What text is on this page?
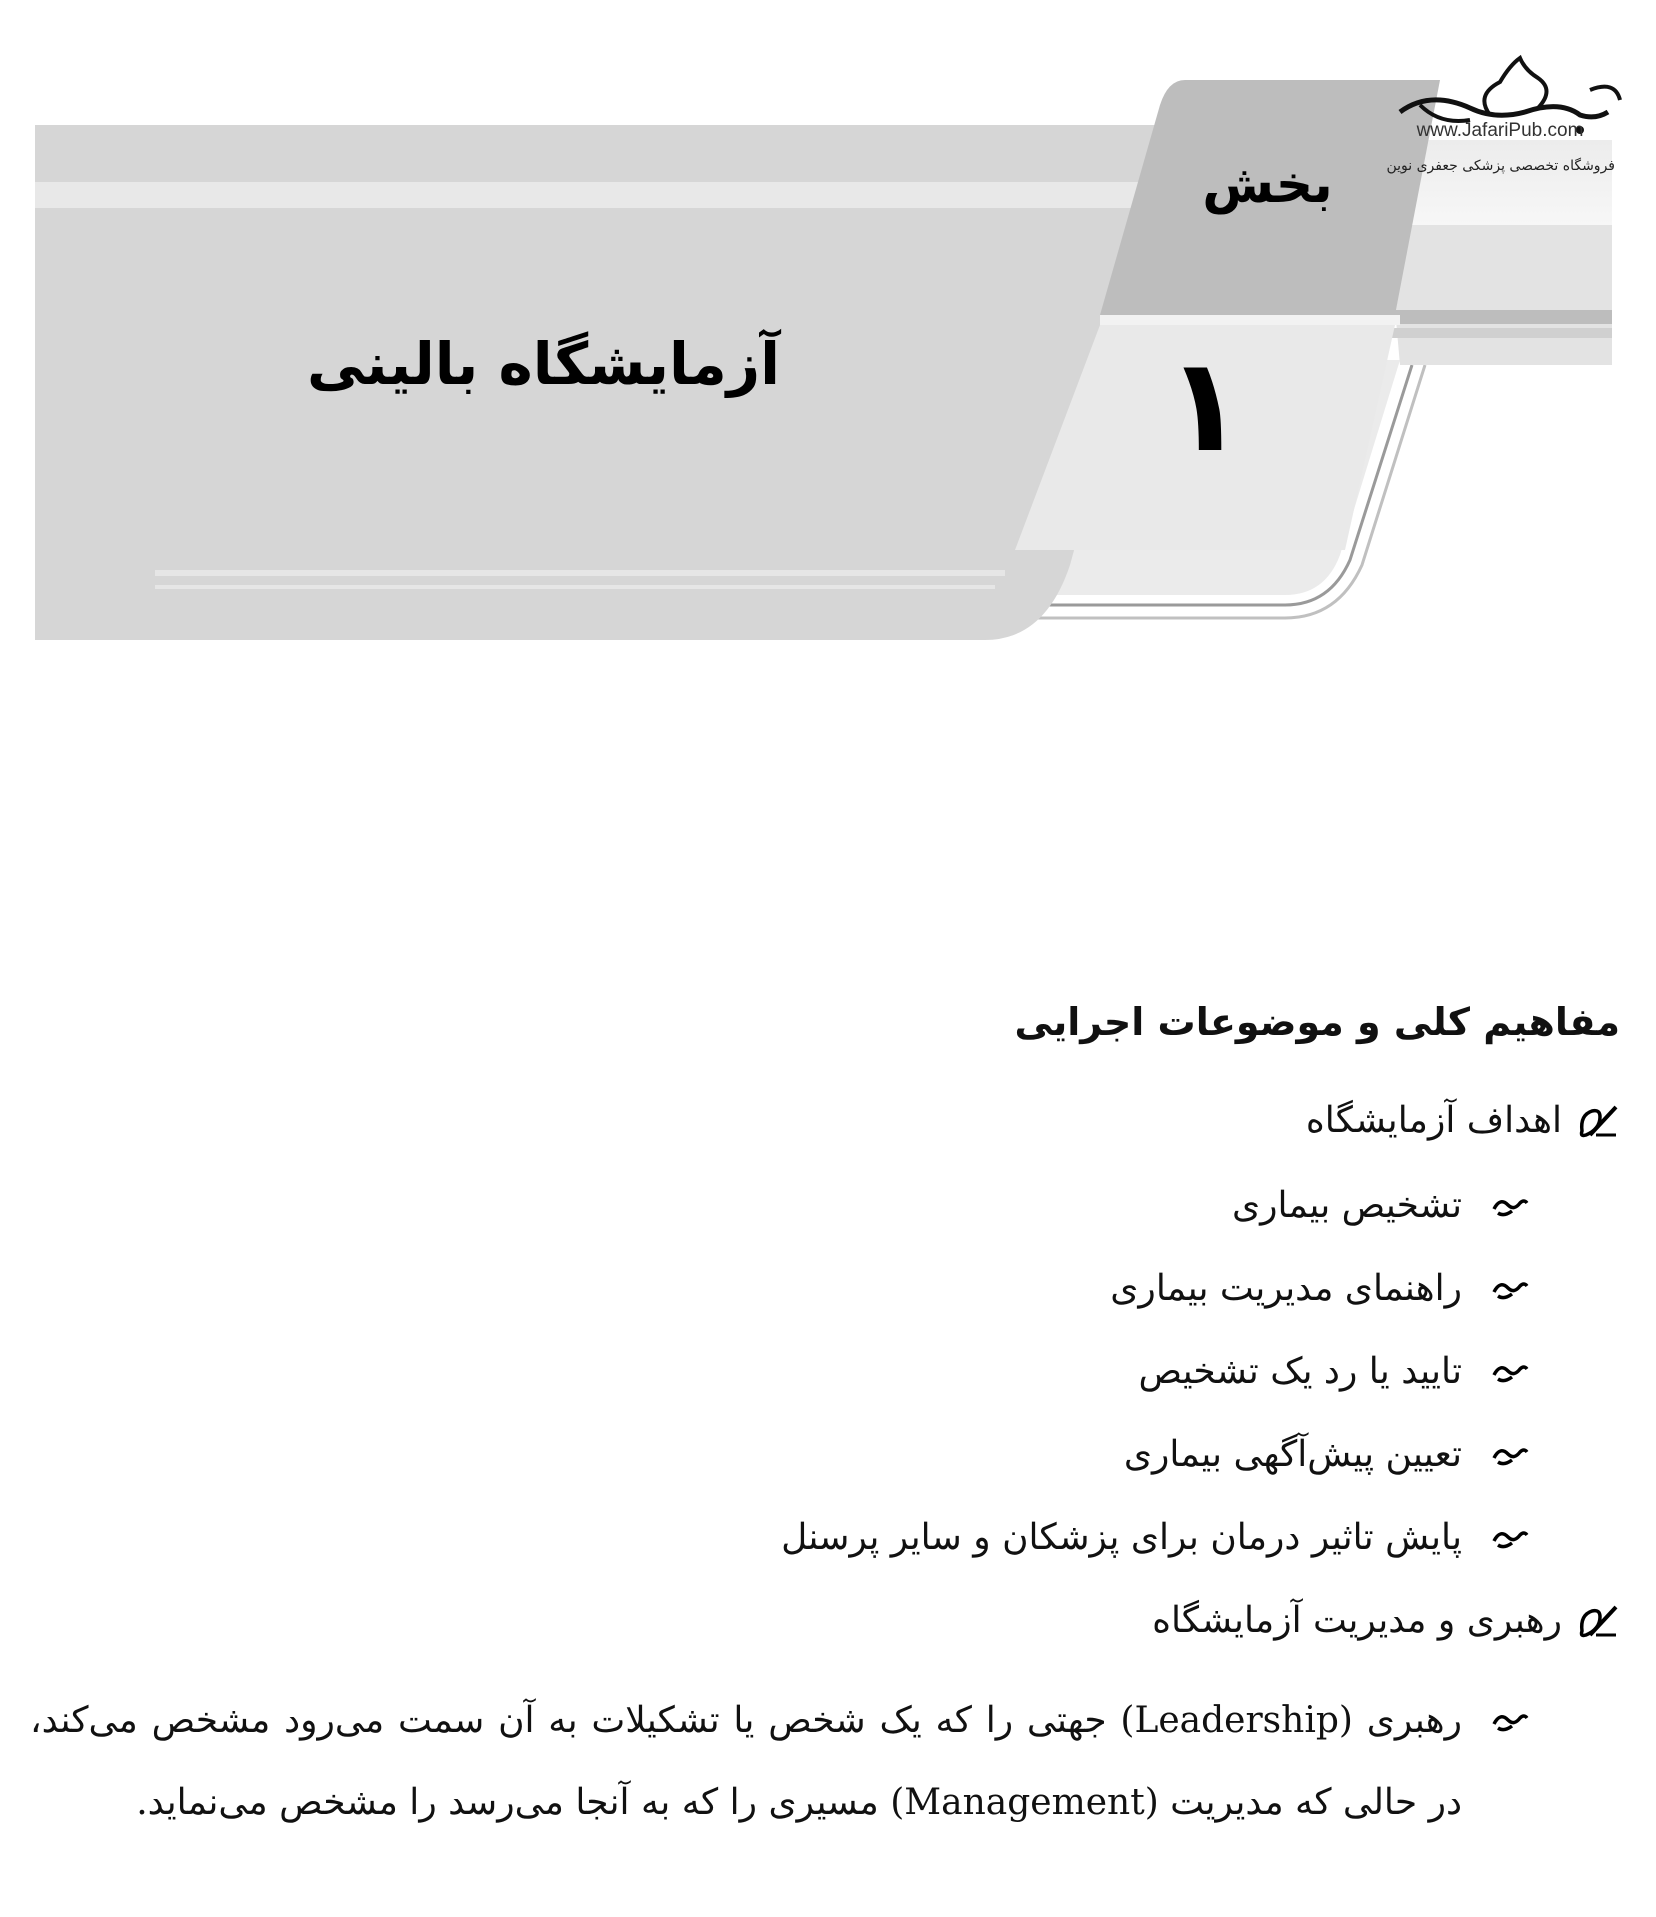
بخش
۱
آزمایشگاه بالینی
www.JafariPub.com
فروشگاه تخصصی پزشکی جعفری نوین
مفاهیم کلی و موضوعات اجرایی
اهداف آزمایشگاه
تشخیص بیماری
راهنمای مدیریت بیماری
تایید یا رد یک تشخیص
تعیین پیش‌آگهی بیماری
پایش تاثیر درمان برای پزشکان و سایر پرسنل
رهبری و مدیریت آزمایشگاه
رهبری (Leadership) جهتی را که یک شخص یا تشکیلات به آن سمت می‌رود مشخص می‌کند، در حالی که مدیریت (Management) مسیری را که به آنجا می‌رسد را مشخص می‌نماید.
